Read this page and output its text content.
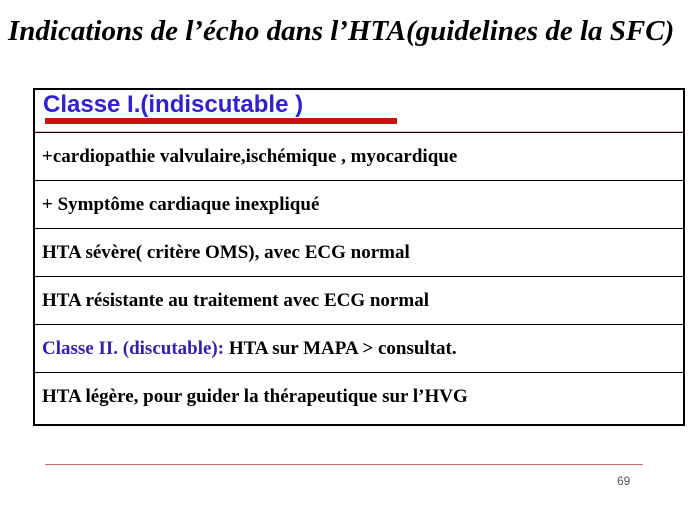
Indications de l’écho dans l’HTA(guidelines de la SFC)
Classe I.(indiscutable )
+cardiopathie valvulaire,ischémique , myocardique
+ Symptôme cardiaque inexpliqué
HTA sévère( critère OMS), avec ECG normal
HTA résistante au traitement avec ECG normal
Classe II. (discutable): HTA sur MAPA > consultat.
HTA légère, pour guider la thérapeutique sur l’HVG
69
